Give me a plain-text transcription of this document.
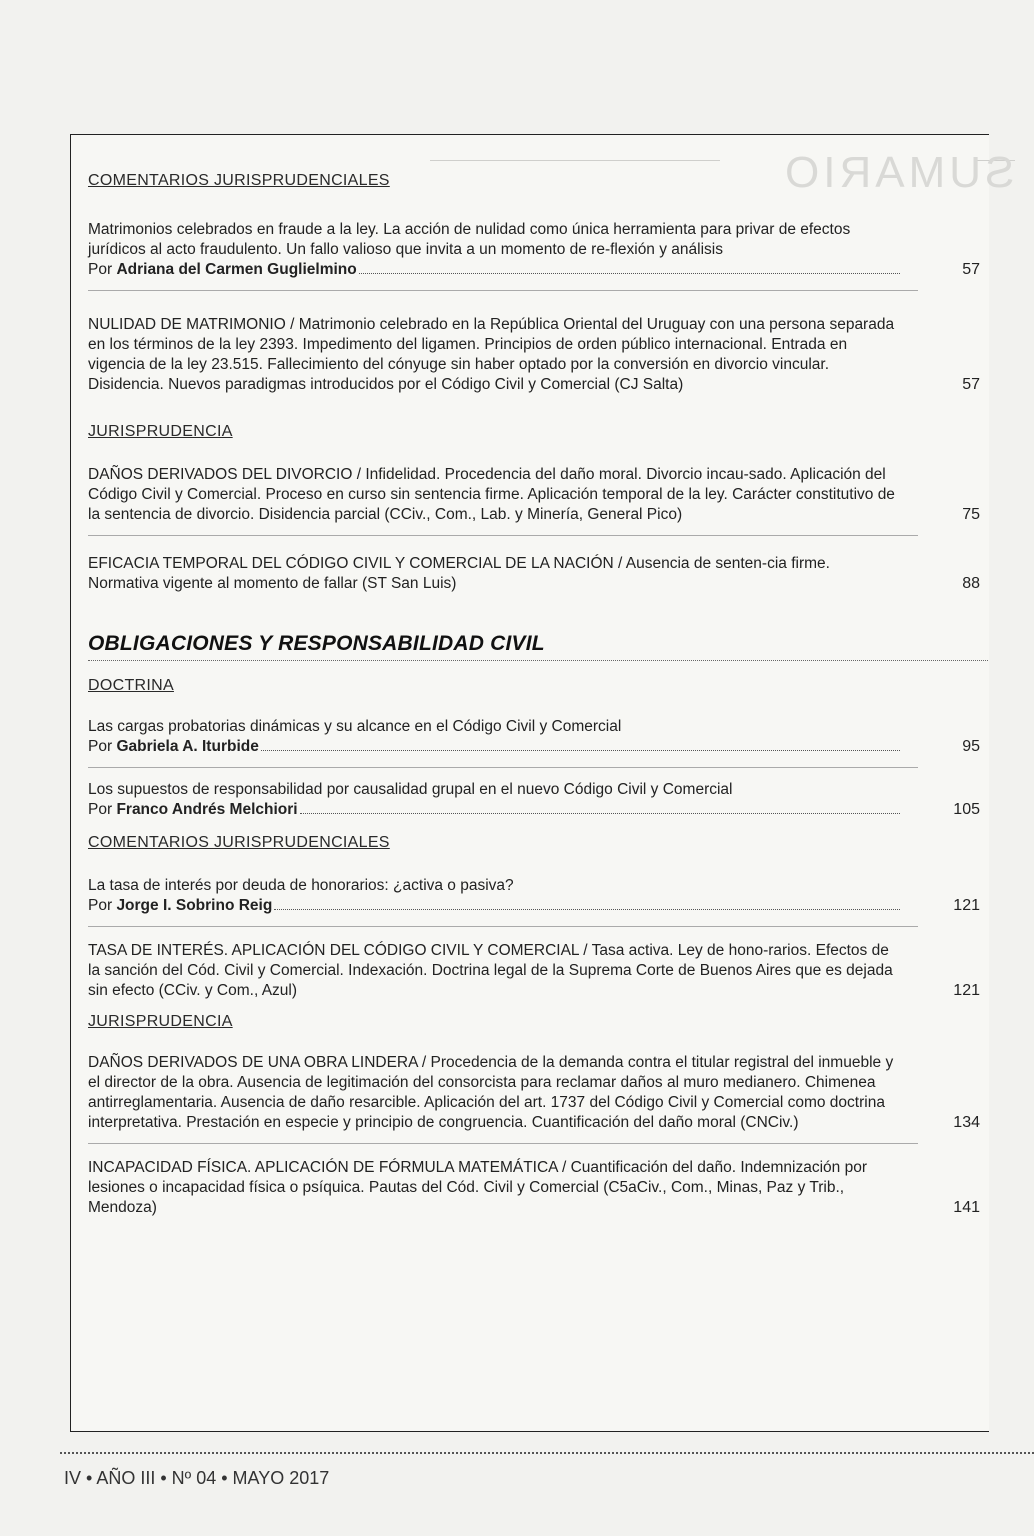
SUMARIO

COMENTARIOS JURISPRUDENCIALES

Matrimonios celebrados en fraude a la ley. La acción de nulidad como única herramienta para privar de efectos jurídicos al acto fraudulento. Un fallo valioso que invita a un momento de re-flexión y análisis
Por
Adriana del Carmen Guglielmino	57
NULIDAD DE MATRIMONIO / Matrimonio celebrado en la República Oriental del Uruguay con una persona separada en los términos de la ley 2393. Impedimento del ligamen. Principios de orden público internacional. Entrada en vigencia de la ley 23.515. Fallecimiento del cónyuge sin haber optado por la conversión en divorcio vincular. Disidencia. Nuevos paradigmas introducidos por el Código Civil y Comercial (CJ Salta)	57

JURISPRUDENCIA

DAÑOS DERIVADOS DEL DIVORCIO / Infidelidad. Procedencia del daño moral. Divorcio incau-sado. Aplicación del Código Civil y Comercial. Proceso en curso sin sentencia firme. Aplicación temporal de la ley. Carácter constitutivo de la sentencia de divorcio. Disidencia parcial (CCiv., Com., Lab. y Minería, General Pico)	75
EFICACIA TEMPORAL DEL CÓDIGO CIVIL Y COMERCIAL DE LA NACIÓN / Ausencia de senten-cia firme. Normativa vigente al momento de fallar (ST San Luis)	88

OBLIGACIONES Y RESPONSABILIDAD CIVIL

DOCTRINA

Las cargas probatorias dinámicas y su alcance en el Código Civil y Comercial
Por
Gabriela A. Iturbide	95
Los supuestos de responsabilidad por causalidad grupal en el nuevo Código Civil y Comercial
Por
Franco Andrés Melchiori	105

COMENTARIOS JURISPRUDENCIALES

La tasa de interés por deuda de honorarios: ¿activa o pasiva?
Por
Jorge I. Sobrino Reig	121
TASA DE INTERÉS. APLICACIÓN DEL CÓDIGO CIVIL Y COMERCIAL / Tasa activa. Ley de hono-rarios. Efectos de la sanción del Cód. Civil y Comercial. Indexación. Doctrina legal de la Suprema Corte de Buenos Aires que es dejada sin efecto (CCiv. y Com., Azul)	121

JURISPRUDENCIA

DAÑOS DERIVADOS DE UNA OBRA LINDERA / Procedencia de la demanda contra el titular registral del inmueble y el director de la obra. Ausencia de legitimación del consorcista para reclamar daños al muro medianero. Chimenea antirreglamentaria. Ausencia de daño resarcible. Aplicación del art. 1737 del Código Civil y Comercial como doctrina interpretativa. Prestación en especie y principio de congruencia. Cuantificación del daño moral (CNCiv.)	134
INCAPACIDAD FÍSICA. APLICACIÓN DE FÓRMULA MATEMÁTICA / Cuantificación del daño. Indemnización por lesiones o incapacidad física o psíquica. Pautas del Cód. Civil y Comercial (C5aCiv., Com., Minas, Paz y Trib., Mendoza)	141
IV • AÑO III • Nº 04 • MAYO 2017
